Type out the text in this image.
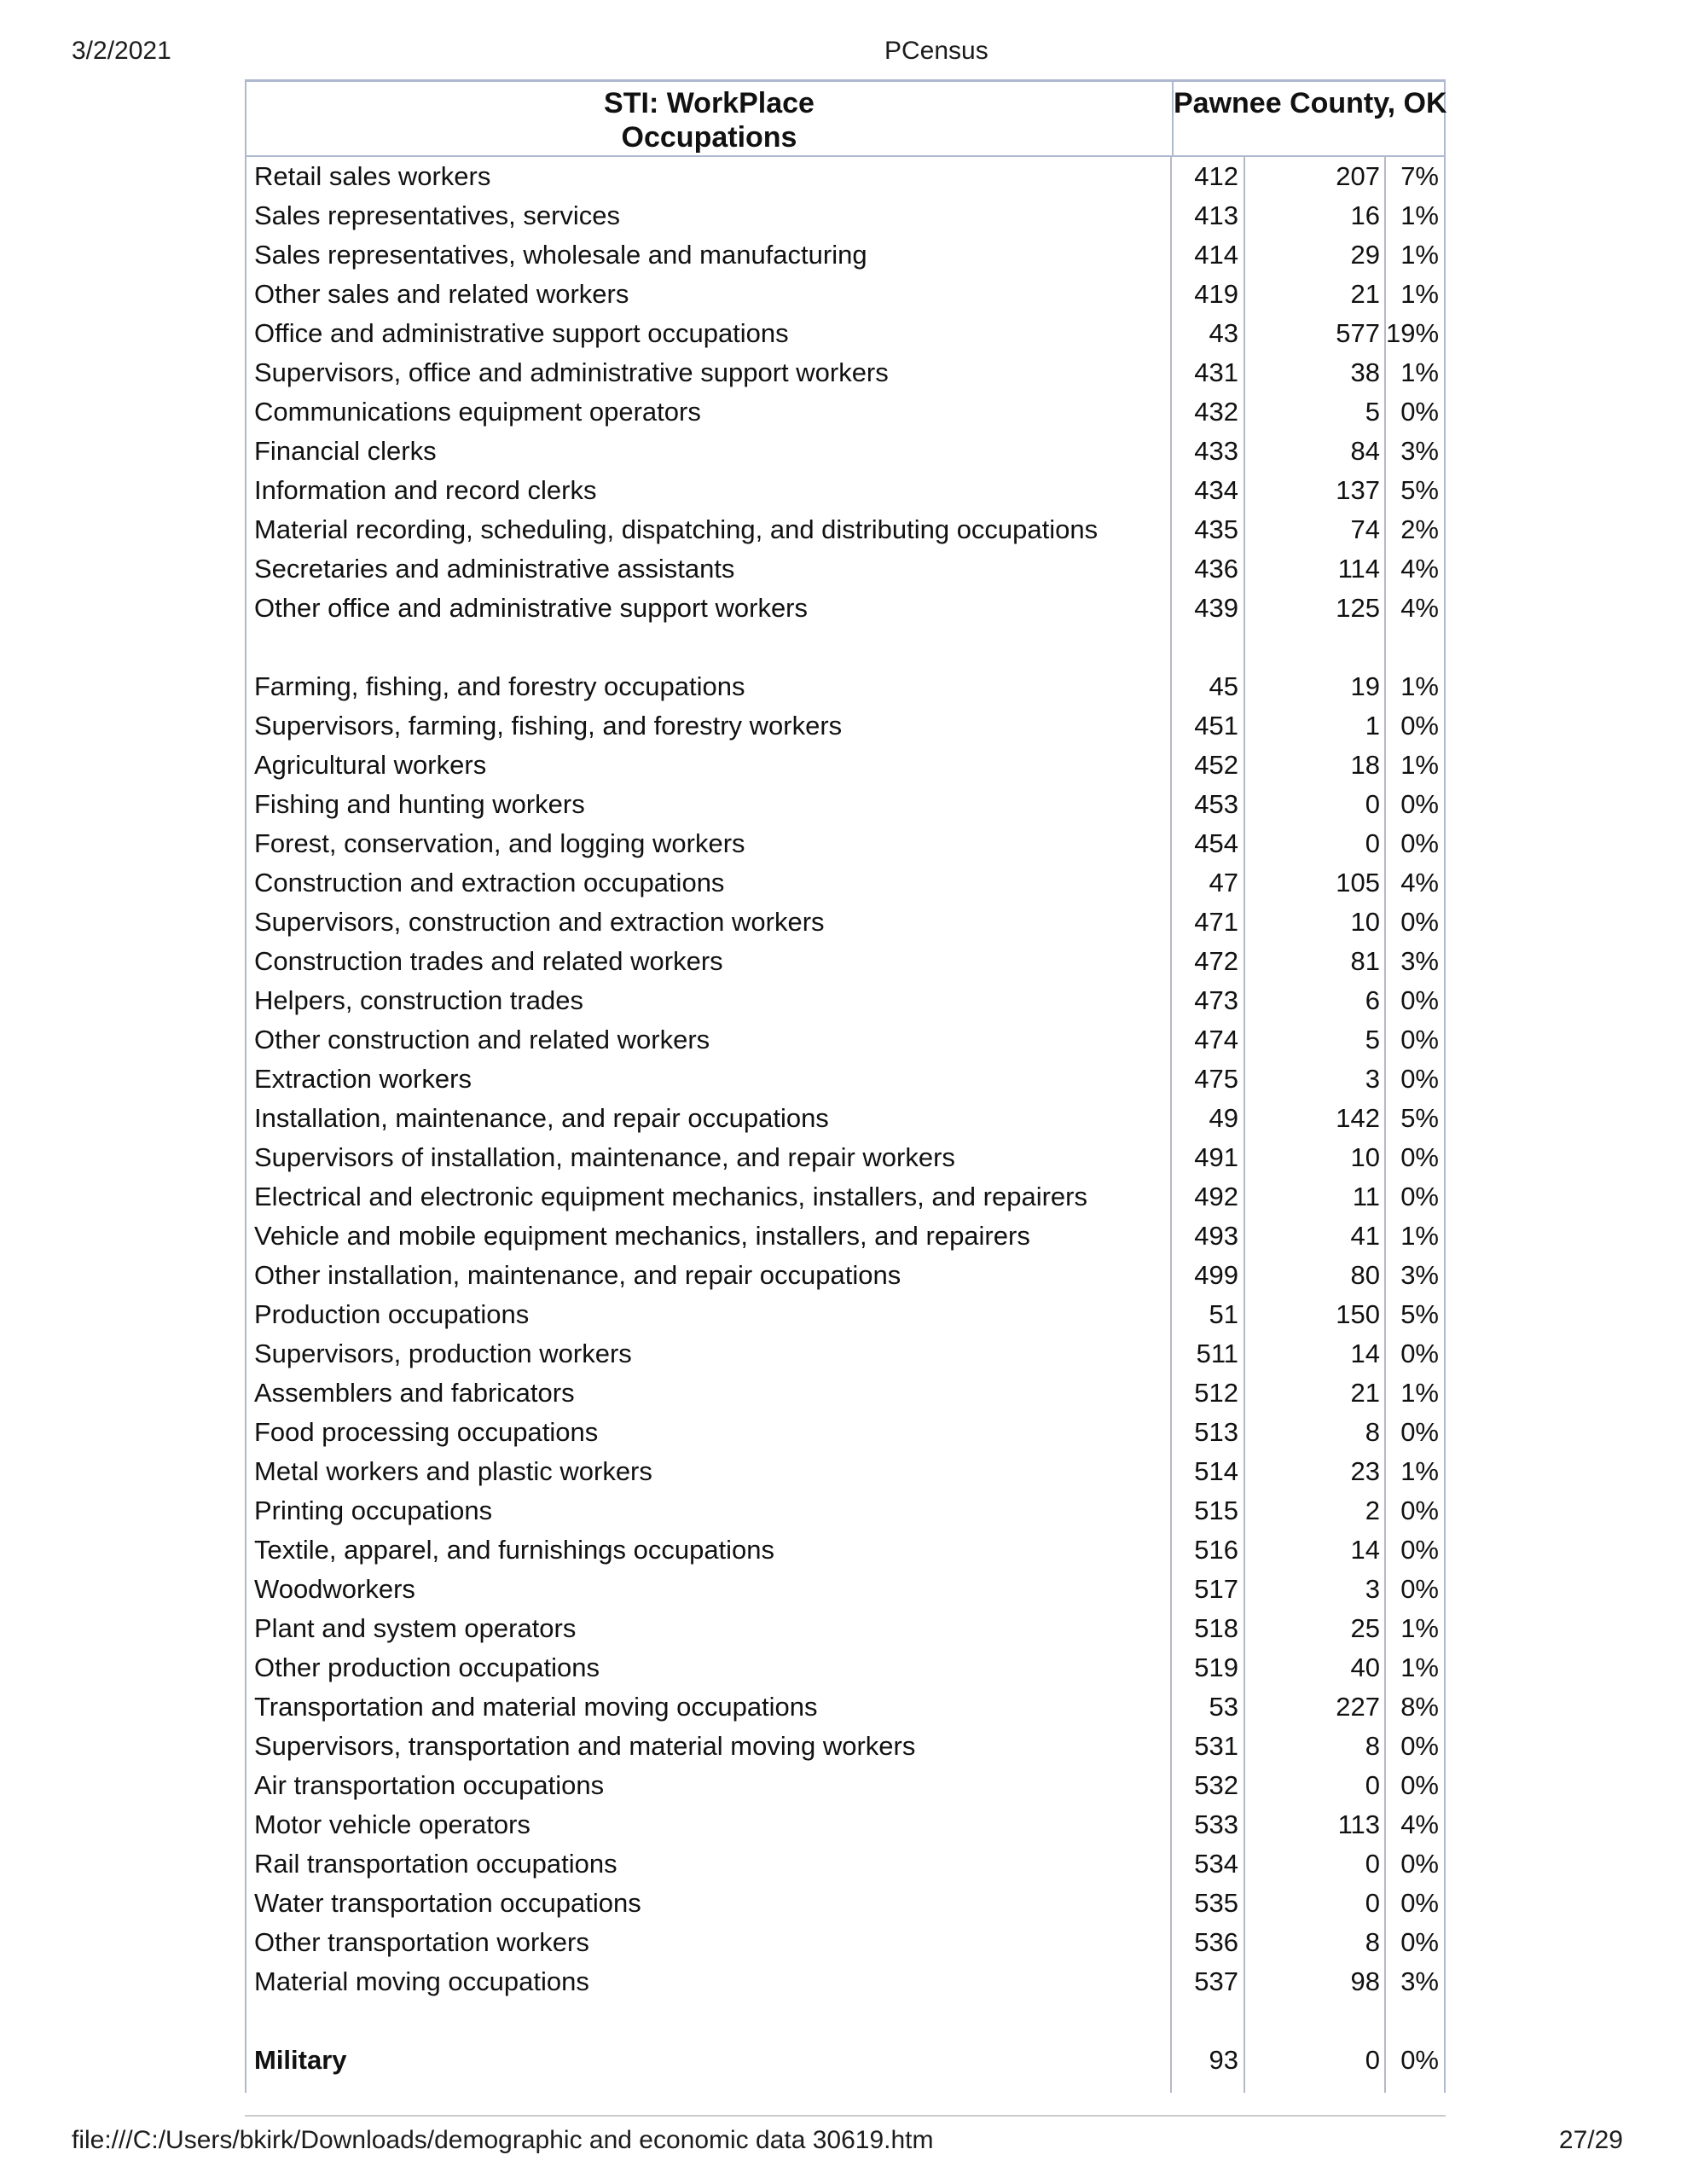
3/2/2021	PCensus
STI: WorkPlace
Occupations
Pawnee County, OK
Retail sales workers	412	207 7%
Sales representatives, services	413	16 1%
Sales representatives, wholesale and manufacturing	414	29 1%
Other sales and related workers	419	21 1%
Office and administrative support occupations	43	577 19%
Supervisors, office and administrative support workers	431	38 1%
Communications equipment operators	432	5 0%
Financial clerks	433	84 3%
Information and record clerks	434	137 5%
Material recording, scheduling, dispatching, and distributing occupations	435	74 2%
Secretaries and administrative assistants	436	114 4%
Other office and administrative support workers	439	125 4%
Farming, fishing, and forestry occupations	45	19 1%
Supervisors, farming, fishing, and forestry workers	451	1 0%
Agricultural workers	452	18 1%
Fishing and hunting workers	453	0 0%
Forest, conservation, and logging workers	454	0 0%
Construction and extraction occupations	47	105 4%
Supervisors, construction and extraction workers	471	10 0%
Construction trades and related workers	472	81 3%
Helpers, construction trades	473	6 0%
Other construction and related workers	474	5 0%
Extraction workers	475	3 0%
Installation, maintenance, and repair occupations	49	142 5%
Supervisors of installation, maintenance, and repair workers	491	10 0%
Electrical and electronic equipment mechanics, installers, and repairers	492	11 0%
Vehicle and mobile equipment mechanics, installers, and repairers	493	41 1%
Other installation, maintenance, and repair occupations	499	80 3%
Production occupations	51	150 5%
Supervisors, production workers	511	14 0%
Assemblers and fabricators	512	21 1%
Food processing occupations	513	8 0%
Metal workers and plastic workers	514	23 1%
Printing occupations	515	2 0%
Textile, apparel, and furnishings occupations	516	14 0%
Woodworkers	517	3 0%
Plant and system operators	518	25 1%
Other production occupations	519	40 1%
Transportation and material moving occupations	53	227 8%
Supervisors, transportation and material moving workers	531	8 0%
Air transportation occupations	532	0 0%
Motor vehicle operators	533	113 4%
Rail transportation occupations	534	0 0%
Water transportation occupations	535	0 0%
Other transportation workers	536	8 0%
Material moving occupations	537	98 3%
Military	93	0 0%
file:///C:/Users/bkirk/Downloads/demographic and economic data 30619.htm	27/29
